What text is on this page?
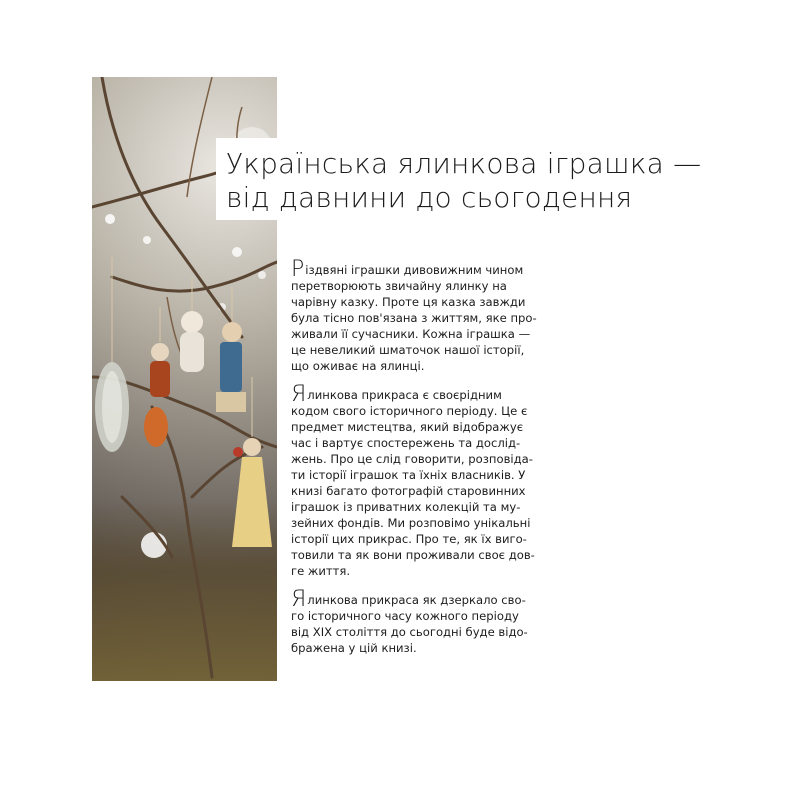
Українська ялинкова іграшка —
від давнини до сьогодення

Різдвяні іграшки дивовижним чином
перетворюють звичайну ялинку на
чарівну казку. Проте ця казка завжди
була тісно пов'язана з життям, яке про-
живали її сучасники. Кожна іграшка —
це невеликий шматочок нашої історії,
що оживає на ялинці.

Ялинкова прикраса є своєрідним
кодом свого історичного періоду. Це є
предмет мистецтва, який відображує
час і вартує спостережень та дослід-
жень. Про це слід говорити, розповіда-
ти історії іграшок та їхніх власників. У
книзі багато фотографій старовинних
іграшок із приватних колекцій та му-
зейних фондів. Ми розповімо унікальні
історії цих прикрас. Про те, як їх виго-
товили та як вони проживали своє дов-
ге життя.

Ялинкова прикраса як дзеркало сво-
го історичного часу кожного періоду
від XIX століття до сьогодні буде відо-
бражена у цій книзі.
